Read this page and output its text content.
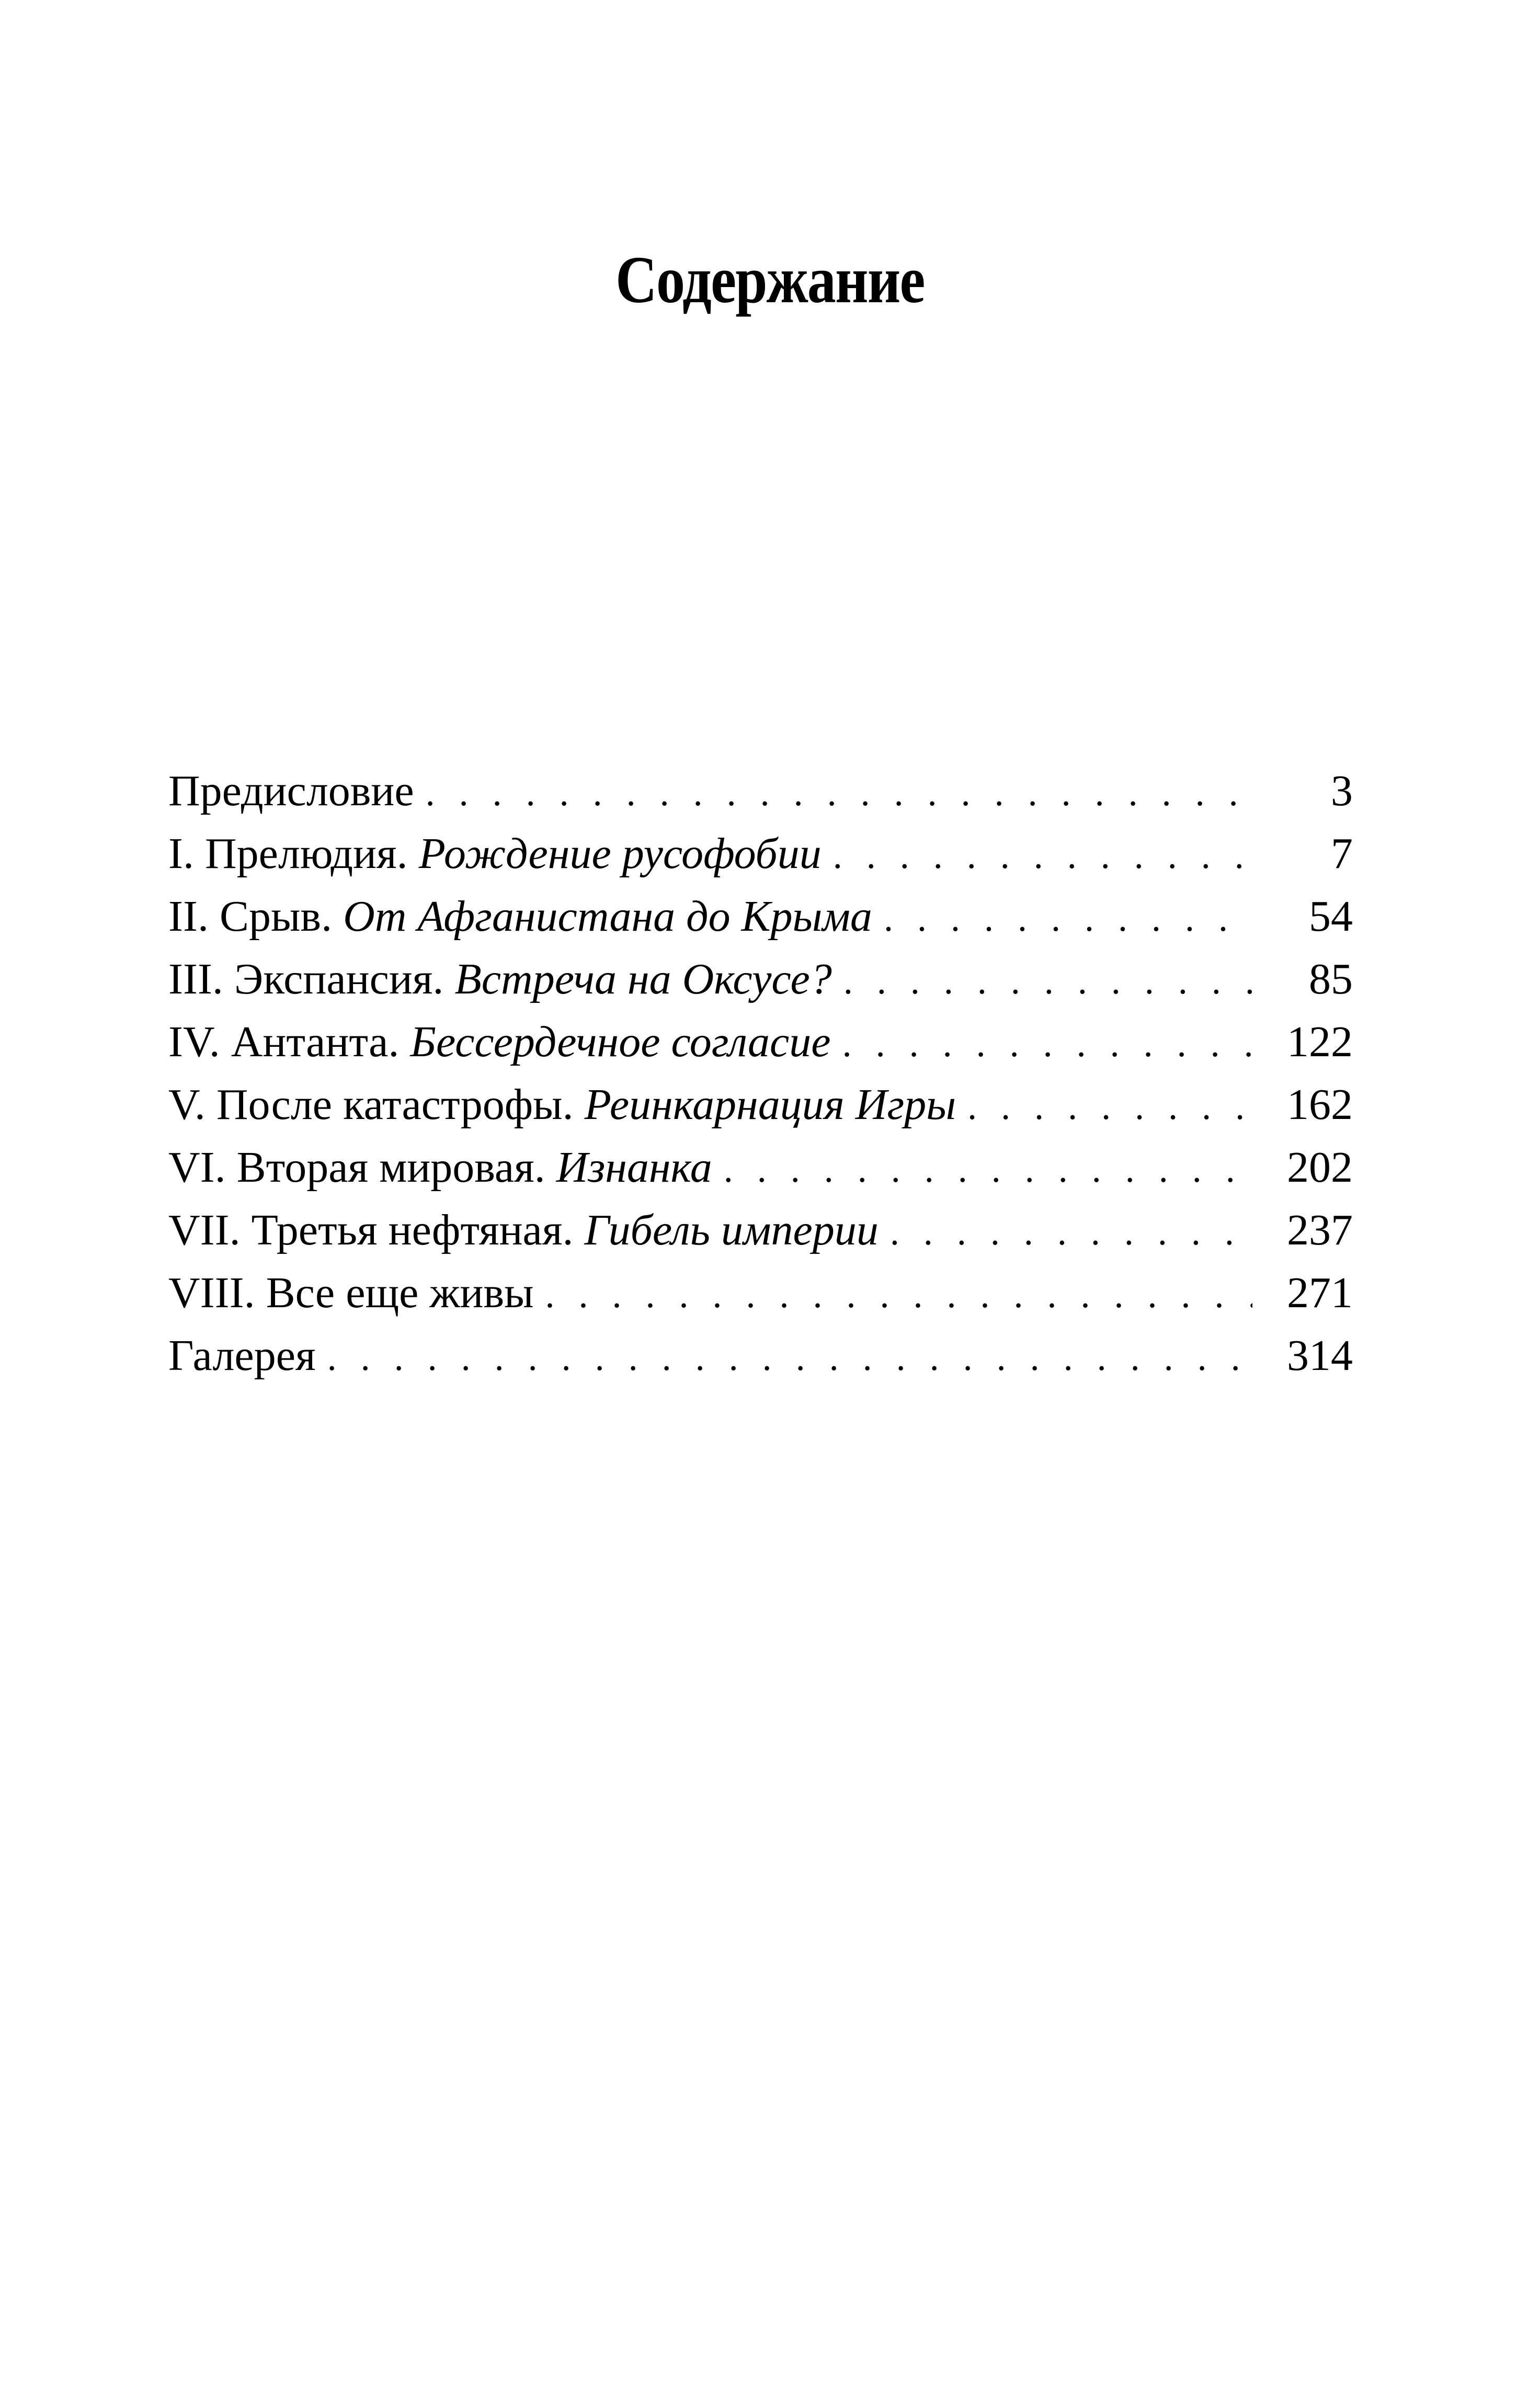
Содержание
Предисловие . . .	3
I. Прелюдия. Рождение русофобии . . .	7
II. Срыв. От Афганистана до Крыма . . .	54
III. Экспансия. Встреча на Оксусе? . . .	85
IV. Антанта. Бессердечное согласие . . .	122
V. После катастрофы. Реинкарнация Игры . . .	162
VI. Вторая мировая. Изнанка . . .	202
VII. Третья нефтяная. Гибель империи . . .	237
VIII. Все еще живы . . .	271
Галерея . . .	314
